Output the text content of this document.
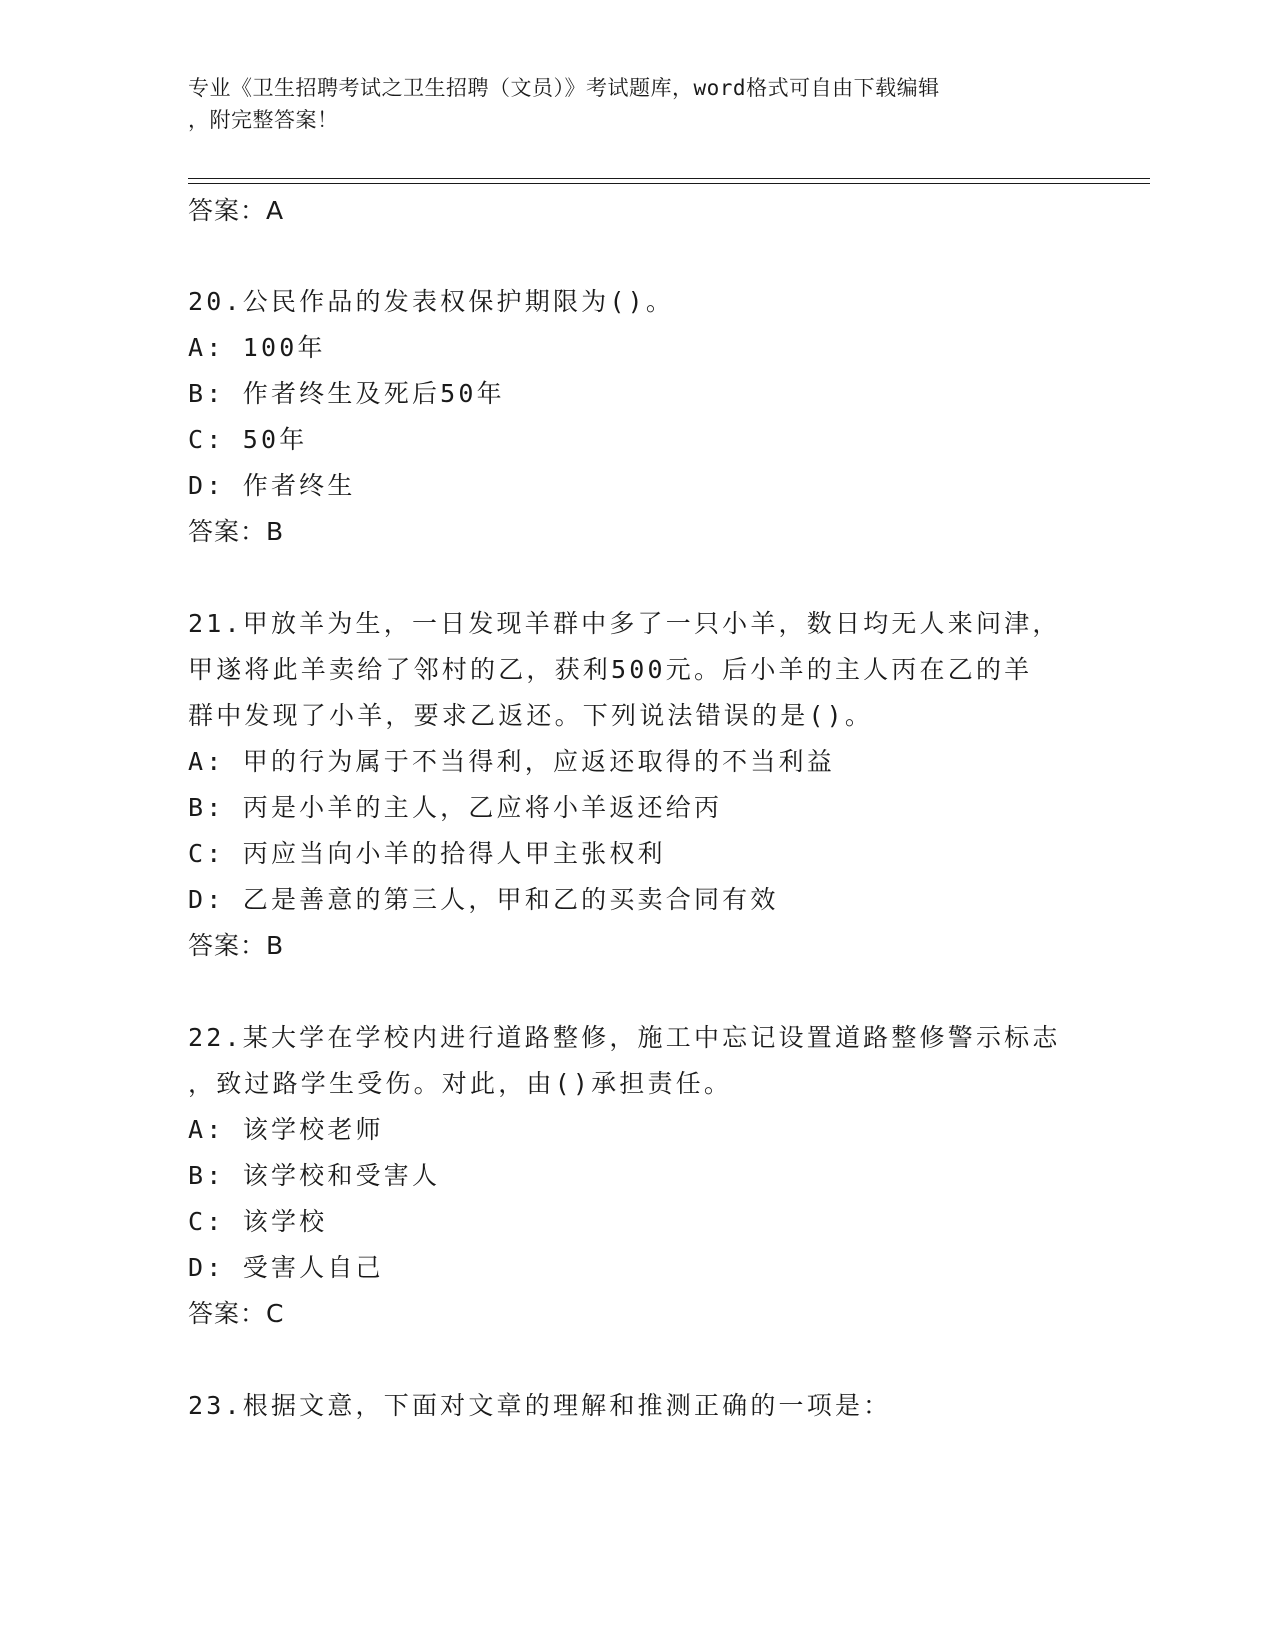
专业《卫生招聘考试之卫生招聘（文员）》考试题库，word格式可自由下载编辑
，附完整答案！
答案：A
20.公民作品的发表权保护期限为()。
A: 100年
B: 作者终生及死后50年
C: 50年
D: 作者终生
答案：B
21.甲放羊为生，一日发现羊群中多了一只小羊，数日均无人来问津，
甲遂将此羊卖给了邻村的乙，获利500元。后小羊的主人丙在乙的羊
群中发现了小羊，要求乙返还。下列说法错误的是()。
A: 甲的行为属于不当得利，应返还取得的不当利益
B: 丙是小羊的主人，乙应将小羊返还给丙
C: 丙应当向小羊的拾得人甲主张权利
D: 乙是善意的第三人，甲和乙的买卖合同有效
答案：B
22.某大学在学校内进行道路整修，施工中忘记设置道路整修警示标志
，致过路学生受伤。对此，由()承担责任。
A: 该学校老师
B: 该学校和受害人
C: 该学校
D: 受害人自己
答案：C
23.根据文意，下面对文章的理解和推测正确的一项是：
